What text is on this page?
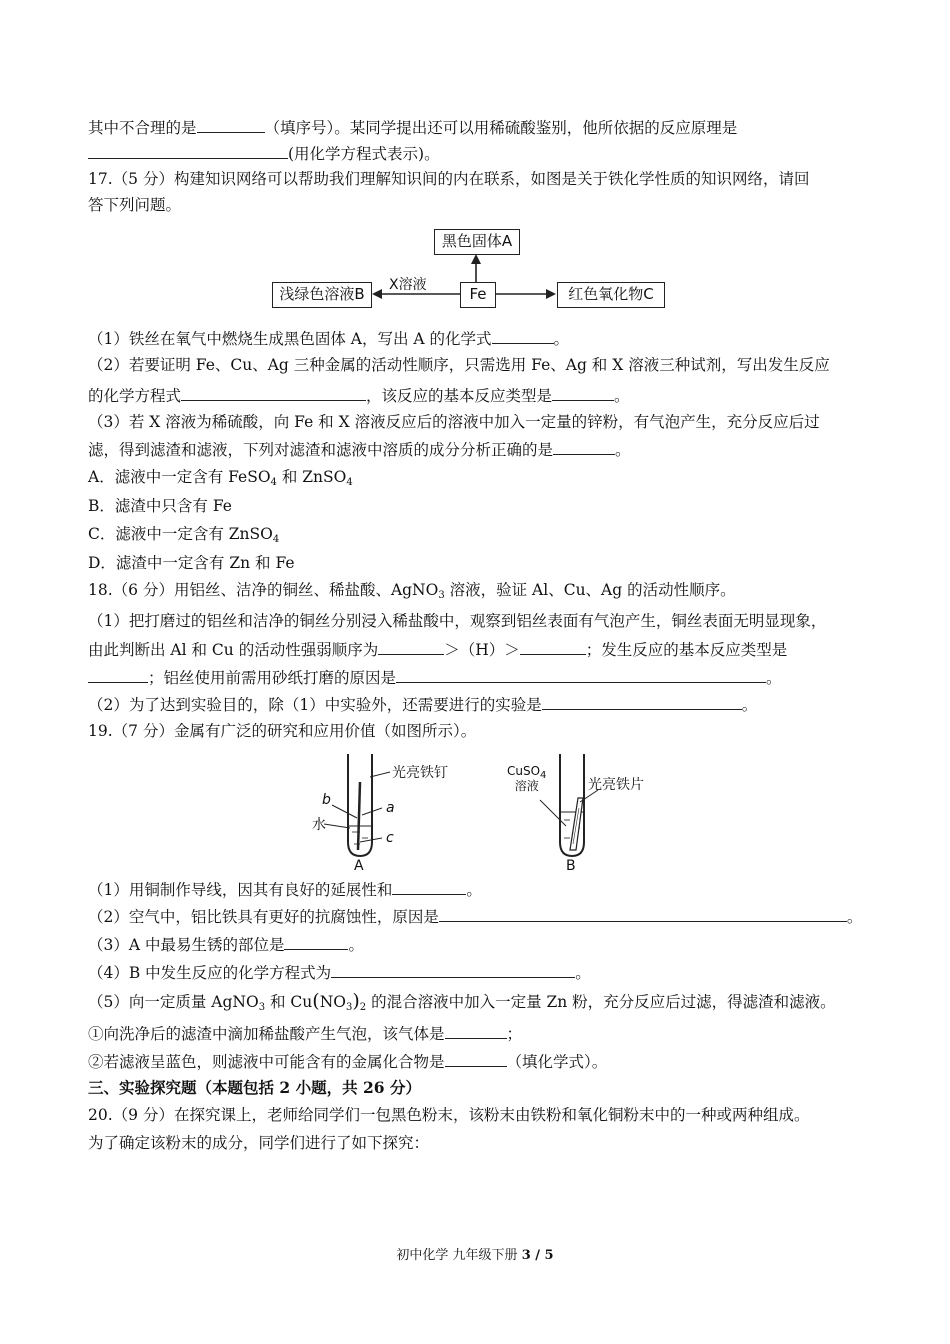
其中不合理的是	（填序号）。某同学提出还可以用稀硫酸鉴别，他所依据的反应原理是
(用化学方程式表示)。
17.（5 分）构建知识网络可以帮助我们理解知识间的内在联系，如图是关于铁化学性质的知识网络，请回
答下列问题。
黑色固体A
浅绿色溶液B	Fe	红色氧化物C
X溶液
（1）铁丝在氧气中燃烧生成黑色固体 A，写出 A 的化学式	。
（2）若要证明 Fe、Cu、Ag 三种金属的活动性顺序，只需选用 Fe、Ag 和 X 溶液三种试剂，写出发生反应
的化学方程式	，该反应的基本反应类型是	。
（3）若 X 溶液为稀硫酸，向 Fe 和 X 溶液反应后的溶液中加入一定量的锌粉，有气泡产生，充分反应后过
滤，得到滤渣和滤液，下列对滤渣和滤液中溶质的成分分析正确的是	。
A．滤液中一定含有 FeSO$_4$ 和 ZnSO$_4$
B．滤渣中只含有 Fe
C．滤液中一定含有 ZnSO$_4$
D．滤渣中一定含有 Zn 和 Fe
18.（6 分）用铝丝、洁净的铜丝、稀盐酸、AgNO$_3$ 溶液，验证 Al、Cu、Ag 的活动性顺序。
（1）把打磨过的铝丝和洁净的铜丝分别浸入稀盐酸中，观察到铝丝表面有气泡产生，铜丝表面无明显现象，
由此判断出 Al 和 Cu 的活动性强弱顺序为	＞（H）＞	；发生反应的基本反应类型是
；铝丝使用前需用砂纸打磨的原因是	。
（2）为了达到实验目的，除（1）中实验外，还需要进行的实验是	。
19.（7 分）金属有广泛的研究和应用价值（如图所示）。
光亮铁钉
b	a
水
c
A
CuSO$_4$
溶液	光亮铁片
B
（1）用铜制作导线，因其有良好的延展性和	。
（2）空气中，铝比铁具有更好的抗腐蚀性，原因是	。
（3）A 中最易生锈的部位是	。
（4）B 中发生反应的化学方程式为	。
（5）向一定质量 AgNO$_3$ 和 $Cu(NO_3)_2$ 的混合溶液中加入一定量 Zn 粉，充分反应后过滤，得滤渣和滤液。
①向洗净后的滤渣中滴加稀盐酸产生气泡，该气体是	；
②若滤液呈蓝色，则滤液中可能含有的金属化合物是	（填化学式）。
三、实验探究题（本题包括 2 小题，共 26 分）
20.（9 分）在探究课上，老师给同学们一包黑色粉末，该粉末由铁粉和氧化铜粉末中的一种或两种组成。
为了确定该粉末的成分，同学们进行了如下探究：
初中化学 九年级下册 3 / 5
